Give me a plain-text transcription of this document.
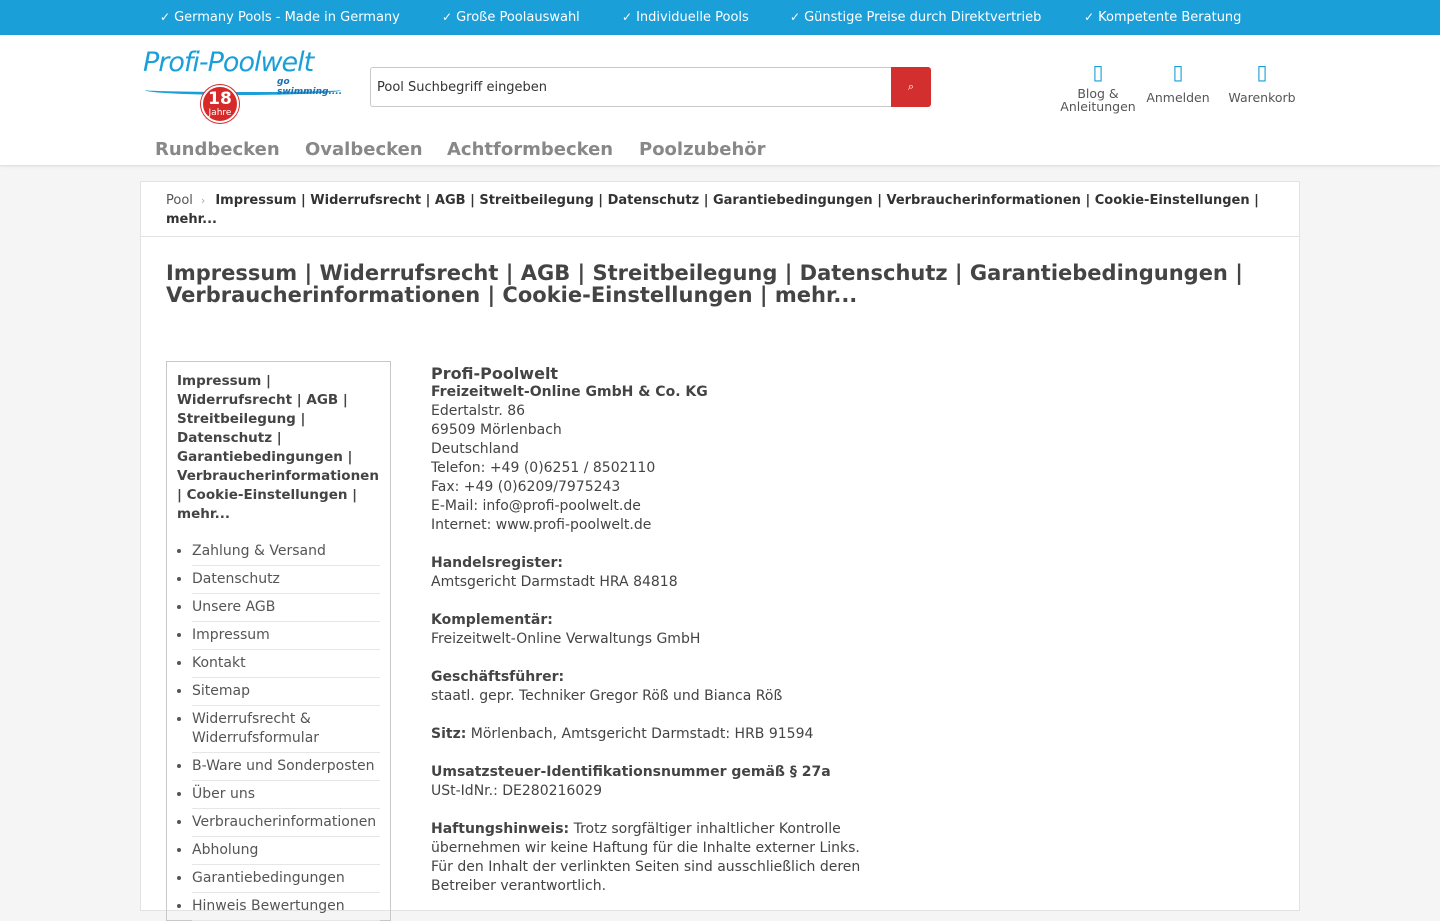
✓ Germany Pools - Made in Germany	✓ Große Poolauswahl	✓ Individuelle Pools	✓ Günstige Preise durch Direktvertrieb	✓ Kompetente Beratung
Profi-Poolwelt
go swimming....
18
Jahre
Pool Suchbegriff eingeben
⌕
▯
Blog &
Anleitungen
▯
Anmelden
▯
Warenkorb
Rundbecken Ovalbecken Achtformbecken Poolzubehör
Pool › Impressum | Widerrufsrecht | AGB | Streitbeilegung | Datenschutz | Garantiebedingungen | Verbraucherinformationen | Cookie-Einstellungen | mehr...
Impressum | Widerrufsrecht | AGB | Streitbeilegung | Datenschutz | Garantiebedingungen | Verbraucherinformationen | Cookie-Einstellungen | mehr...
Impressum | Widerrufsrecht | AGB | Streitbeilegung | Datenschutz | Garantiebedingungen | Verbraucherinformationen | Cookie-Einstellungen | mehr...
• Zahlung & Versand
• Datenschutz
• Unsere AGB
• Impressum
• Kontakt
• Sitemap
• Widerrufsrecht & Widerrufsformular
• B-Ware und Sonderposten
• Über uns
• Verbraucherinformationen
• Abholung
• Garantiebedingungen
• Hinweis Bewertungen
Profi-Poolwelt
Freizeitwelt-Online GmbH & Co. KG
Edertalstr. 86
69509 Mörlenbach
Deutschland
Telefon: +49 (0)6251 / 8502110
Fax: +49 (0)6209/7975243
E-Mail: info@profi-poolwelt.de
Internet: www.profi-poolwelt.de
Handelsregister:
Amtsgericht Darmstadt HRA 84818
Komplementär:
Freizeitwelt-Online Verwaltungs GmbH
Geschäftsführer:
staatl. gepr. Techniker Gregor Röß und Bianca Röß
Sitz: Mörlenbach, Amtsgericht Darmstadt: HRB 91594
Umsatzsteuer-Identifikationsnummer gemäß § 27a
USt-IdNr.: DE280216029
Haftungshinweis: Trotz sorgfältiger inhaltlicher Kontrolle übernehmen wir keine Haftung für die Inhalte externer Links. Für den Inhalt der verlinkten Seiten sind ausschließlich deren Betreiber verantwortlich.
